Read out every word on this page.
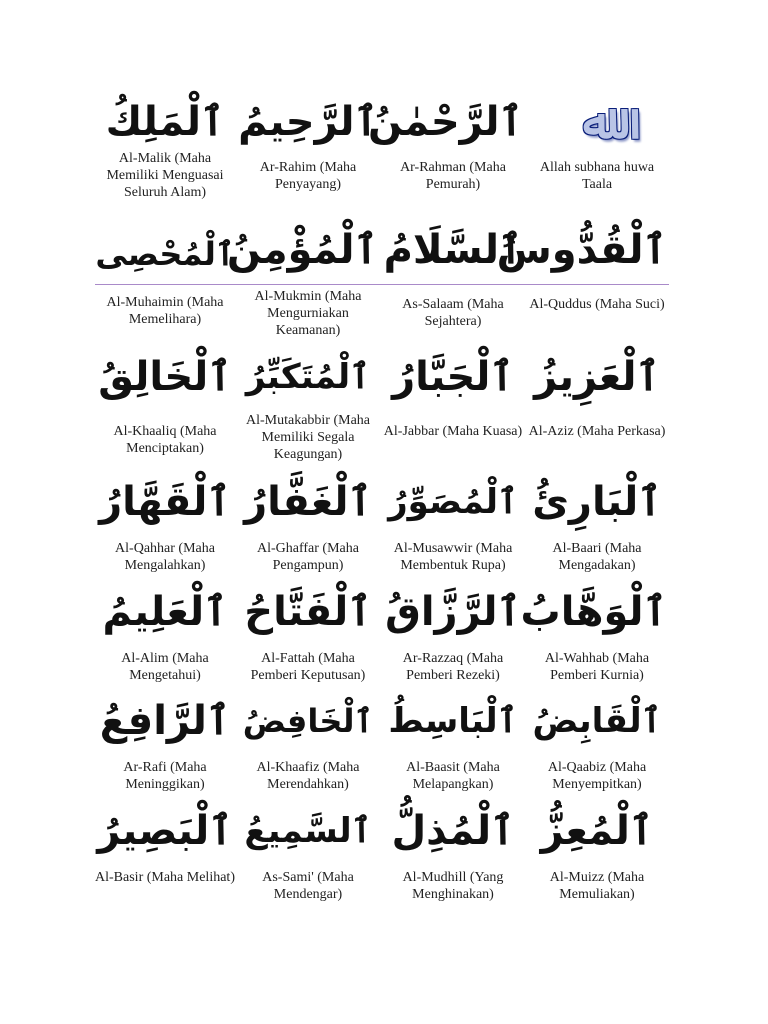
ٱلْمَلِكُ
Al-Malik (Maha Memiliki Menguasai Seluruh Alam)
ٱلرَّحِيمُ
Ar-Rahim (Maha Penyayang)
ٱلرَّحْمٰنُ
Ar-Rahman (Maha Pemurah)
ﷲ
Allah subhana huwa Taala
ٱلْمُحْصِى
Al-Muhaimin (Maha Memelihara)
ٱلْمُؤْمِنُ
Al-Mukmin (Maha Mengurniakan Keamanan)
ٱلسَّلَامُ
As-Salaam (Maha Sejahtera)
ٱلْقُدُّوسُ
Al-Quddus (Maha Suci)
ٱلْخَالِقُ
Al-Khaaliq (Maha Menciptakan)
ٱلْمُتَكَبِّرُ
Al-Mutakabbir (Maha Memiliki Segala Keagungan)
ٱلْجَبَّارُ
Al-Jabbar (Maha Kuasa)
ٱلْعَزِيزُ
Al-Aziz (Maha Perkasa)
ٱلْقَهَّارُ
Al-Qahhar (Maha Mengalahkan)
ٱلْغَفَّارُ
Al-Ghaffar (Maha Pengampun)
ٱلْمُصَوِّرُ
Al-Musawwir (Maha Membentuk Rupa)
ٱلْبَارِئُ
Al-Baari (Maha Mengadakan)
ٱلْعَلِيمُ
Al-Alim (Maha Mengetahui)
ٱلْفَتَّاحُ
Al-Fattah (Maha Pemberi Keputusan)
ٱلرَّزَّاقُ
Ar-Razzaq (Maha Pemberi Rezeki)
ٱلْوَهَّابُ
Al-Wahhab (Maha Pemberi Kurnia)
ٱلرَّافِعُ
Ar-Rafi (Maha Meninggikan)
ٱلْخَافِضُ
Al-Khaafiz (Maha Merendahkan)
ٱلْبَاسِطُ
Al-Baasit (Maha Melapangkan)
ٱلْقَابِضُ
Al-Qaabiz (Maha Menyempitkan)
ٱلْبَصِيرُ
Al-Basir (Maha Melihat)
ٱلسَّمِيعُ
As-Sami' (Maha Mendengar)
ٱلْمُذِلُّ
Al-Mudhill (Yang Menghinakan)
ٱلْمُعِزُّ
Al-Muizz (Maha Memuliakan)
